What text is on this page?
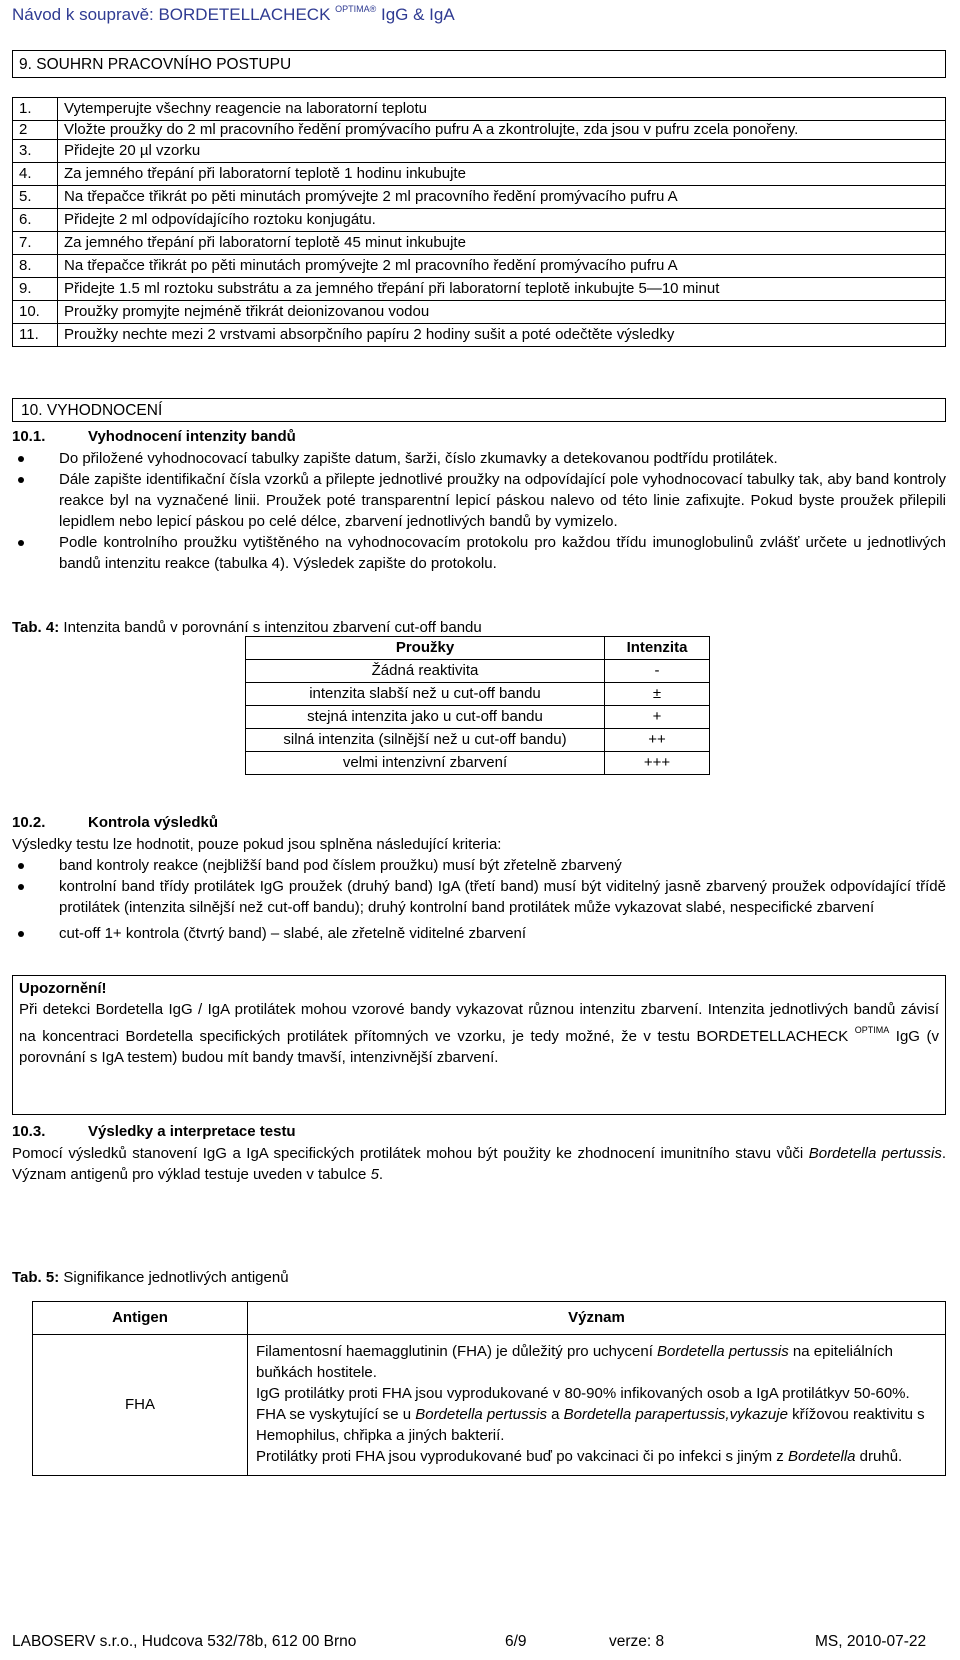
Návod k soupravě: BORDETELLACHECK $^{OPTIMA®}$ IgG & IgA
9. SOUHRN PRACOVNÍHO POSTUPU
1.	Vytemperujte všechny reagencie na laboratorní teplotu
2	Vložte proužky do 2 ml pracovního ředění promývacího pufru A a zkontrolujte, zda jsou v pufru zcela ponořeny.
3.	Přidejte 20 µl vzorku
4.	Za jemného třepání při laboratorní teplotě 1 hodinu inkubujte
5.	Na třepačce třikrát po pěti minutách promývejte 2 ml pracovního ředění promývacího pufru A
6.	Přidejte 2 ml odpovídajícího roztoku konjugátu.
7.	Za jemného třepání při laboratorní teplotě 45 minut inkubujte
8.	Na třepačce třikrát po pěti minutách promývejte 2 ml pracovního ředění promývacího pufru A
9.	Přidejte 1.5 ml roztoku substrátu a za jemného třepání při laboratorní teplotě inkubujte 5—10 minut
10.	Proužky promyjte nejméně třikrát deionizovanou vodou
11.	Proužky nechte mezi 2 vrstvami absorpčního papíru 2 hodiny sušit a poté odečtěte výsledky
10. VYHODNOCENÍ
10.1.	Vyhodnocení intenzity bandů
Do přiložené vyhodnocovací tabulky zapište datum, šarži, číslo zkumavky a detekovanou podtřídu protilátek.
Dále zapište identifikační čísla vzorků a přilepte jednotlivé proužky na odpovídající pole vyhodnocovací tabulky tak, aby band kontroly reakce byl na vyznačené linii. Proužek poté transparentní lepicí páskou nalevo od této linie zafixujte. Pokud byste proužek přilepili lepidlem nebo lepicí páskou po celé délce, zbarvení jednotlivých bandů by vymizelo.
Podle kontrolního proužku vytištěného na vyhodnocovacím protokolu pro každou třídu imunoglobulinů zvlášť určete u jednotlivých bandů intenzitu reakce (tabulka 4). Výsledek zapište do protokolu.
Tab. 4: Intenzita bandů v porovnání s intenzitou zbarvení cut-off bandu
Proužky	Intenzita
Žádná reaktivita	-
intenzita slabší než u cut-off bandu	±
stejná intenzita jako u cut-off bandu	+
silná intenzita (silnější než u cut-off bandu)	++
velmi intenzivní zbarvení	+++
10.2.	Kontrola výsledků
Výsledky testu lze hodnotit, pouze pokud jsou splněna následující kriteria:
band kontroly reakce (nejbližší band pod číslem proužku) musí být zřetelně zbarvený
kontrolní band třídy protilátek IgG proužek (druhý band) IgA (třetí band) musí být viditelný jasně zbarvený proužek odpovídající třídě protilátek (intenzita silnější než cut-off bandu); druhý kontrolní band protilátek může vykazovat slabé, nespecifické zbarvení
cut-off 1+ kontrola (čtvrtý band) – slabé, ale zřetelně viditelné zbarvení
Upozornění!
Při detekci Bordetella IgG / IgA protilátek mohou vzorové bandy vykazovat různou intenzitu zbarvení. Intenzita jednotlivých bandů závisí na koncentraci Bordetella specifických protilátek přítomných ve vzorku, je tedy možné, že v testu BORDETELLACHECK $^{OPTIMA}$ IgG (v porovnání s IgA testem) budou mít bandy tmavší, intenzivnější zbarvení.
10.3.	Výsledky a interpretace testu
Pomocí výsledků stanovení IgG a IgA specifických protilátek mohou být použity ke zhodnocení imunitního stavu vůči Bordetella pertussis. Význam antigenů pro výklad testuje uveden v tabulce 5.
Tab. 5: Signifikance jednotlivých antigenů
Antigen	Význam
FHA	Filamentosní haemagglutinin (FHA) je důležitý pro uchycení Bordetella pertussis na epiteliálních buňkách hostitele.

IgG protilátky proti FHA jsou vyprodukované v 80-90% infikovaných osob a IgA protilátkyv 50-60%.

FHA se vyskytující se u Bordetella pertussis a Bordetella parapertussis,vykazuje křížovou reaktivitu s Hemophilus, chřipka a jiných bakterií.

Protilátky proti FHA jsou vyprodukované buď po vakcinaci či po infekci s jiným z Bordetella druhů.

LABOSERV s.r.o., Hudcova 532/78b, 612 00 Brno	6/9	verze: 8	MS, 2010-07-22
